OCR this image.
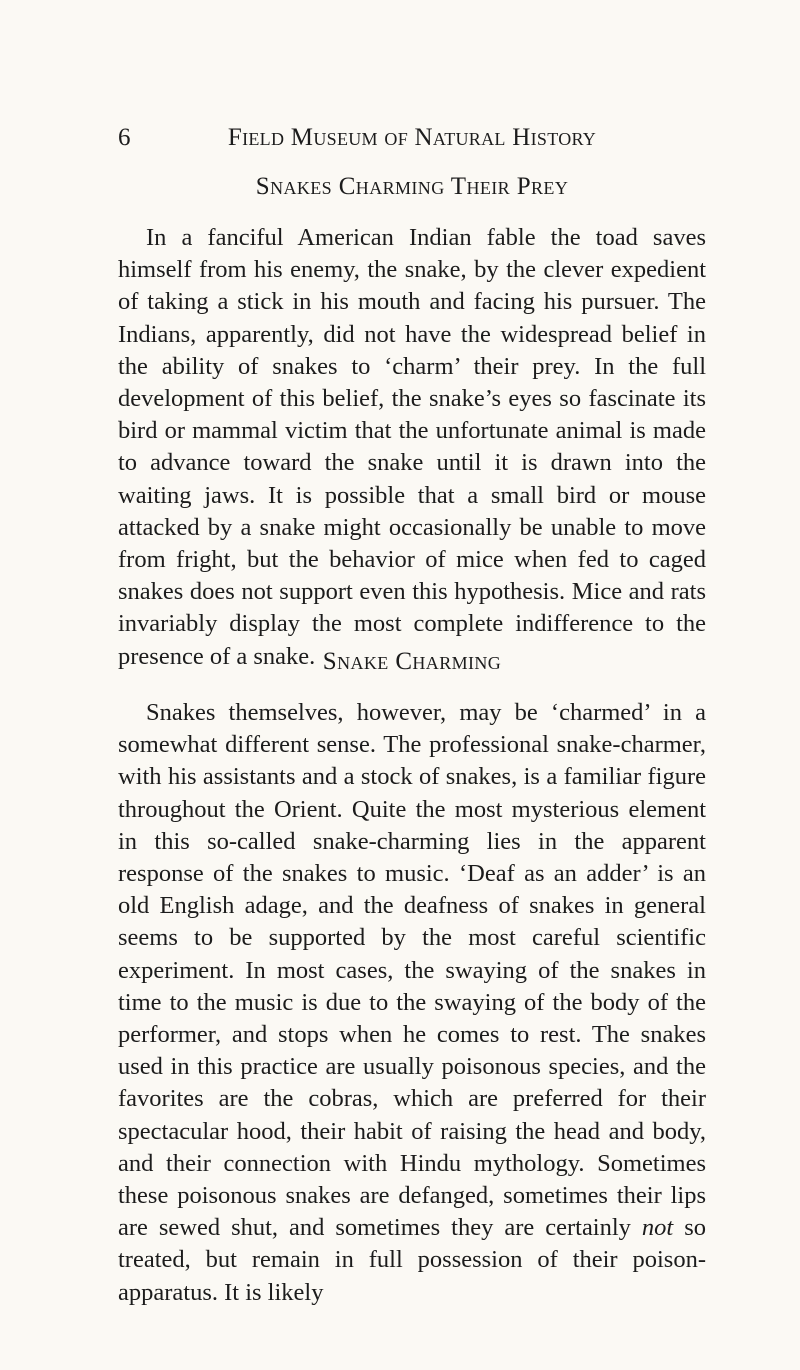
6	Field Museum of Natural History
Snakes Charming Their Prey

In a fanciful American Indian fable the toad saves himself from his enemy, the snake, by the clever expedient of taking a stick in his mouth and facing his pursuer. The Indians, apparently, did not have the widespread belief in the ability of snakes to ‘charm’ their prey. In the full development of this belief, the snake’s eyes so fascinate its bird or mammal victim that the unfortunate animal is made to advance toward the snake until it is drawn into the waiting jaws. It is possible that a small bird or mouse attacked by a snake might occasionally be unable to move from fright, but the behavior of mice when fed to caged snakes does not support even this hypothesis. Mice and rats invariably display the most complete indifference to the presence of a snake. Snake Charming

Snakes themselves, however, may be ‘charmed’ in a somewhat different sense. The professional snake-charmer, with his assistants and a stock of snakes, is a familiar figure throughout the Orient. Quite the most mysterious element in this so-called snake-charming lies in the apparent response of the snakes to music. ‘Deaf as an adder’ is an old English adage, and the deafness of snakes in general seems to be supported by the most careful scientific experiment. In most cases, the swaying of the snakes in time to the music is due to the swaying of the body of the performer, and stops when he comes to rest. The snakes used in this practice are usually poisonous species, and the favorites are the cobras, which are preferred for their spectacular hood, their habit of raising the head and body, and their connection with Hindu mythology. Sometimes these poisonous snakes are defanged, sometimes their lips are sewed shut, and sometimes they are certainly not so treated, but remain in full possession of their poison-apparatus. It is likely
